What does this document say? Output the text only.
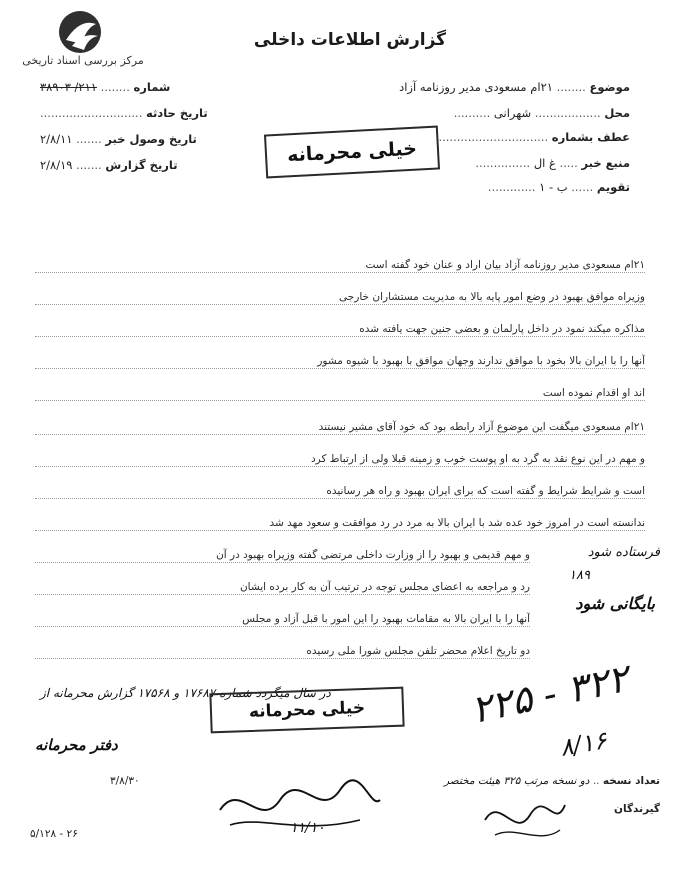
مرکز بررسی اسناد تاریخی
گزارش اطلاعات داخلی
موضوع ........ ۲۱ام مسعودی مدیر روزنامه آزاد
محل .................. شهرانی ..........
عطف بشماره ..............................
منبع خبر ..... غ ال ...............
تقویم ...... ب - ۱ .............
شماره ........ ۲۱۱/ ۳۸۹۰۳
تاریخ حادثه ............................
تاریخ وصول خبر ....... ۲/۸/۱۱
تاریخ گزارش ....... ۲/۸/۱۹	خیلی محرمانه
۲۱ام مسعودی مدیر روزنامه آزاد بیان اراد و عنان خود گفته است
وزیراه موافق بهبود در وضع امور پایه بالا به مدیریت مستشاران خارجی
مذاکره میکند نمود در داخل پارلمان و بعضی جنین جهت یافته شده
آنها را با ایران بالا بخود با موافق ندارند وجهان موافق با بهبود با شیوه مشور
اند او اقدام نموده است
۲۱ام مسعودی میگفت این موضوع آزاد رابطه بود که خود آقای مشیر نیستند
و مهم در این نوع نقد به گرد به او پوست خوب و زمینه قبلا ولی از ارتباط کرد
است و شرایط شرایط و گفته است که برای ایران بهبود و راه هر رسانیده
ندانسته است در امروز خود عده شد با ایران بالا به مرد در رد موافقت و سعود مهد شد
و مهم قدیمی و بهبود را از وزارت داخلی مرتضی گفته وزیراه بهبود در آن
رد و مراجعه به اعضای مجلس توجه در ترتیب آن به کار برده ایشان
آنها را با ایران بالا به مقامات بهبود را این امور با قبل آزاد و مجلس
دو تاریخ اعلام محضر تلفن مجلس شورا ملی رسیده
فرستاده شود
۱۸۹
بایگانی شود
در سال میگردد شماره ۱۷۶۸۷ و ۱۷۵۶۸ گزارش محرمانه از
خیلی محرمانه	۲۲۵ - ۳۲۲
۸/۱۶
دفتر محرمانه
۳/۸/۳۰	تعداد نسخه .. دو نسخه مرتب ۳۲۵ هیئت مختصر
گیرندگان
۱۱/۱۰
۵/۱۲۸ - ۲۶
